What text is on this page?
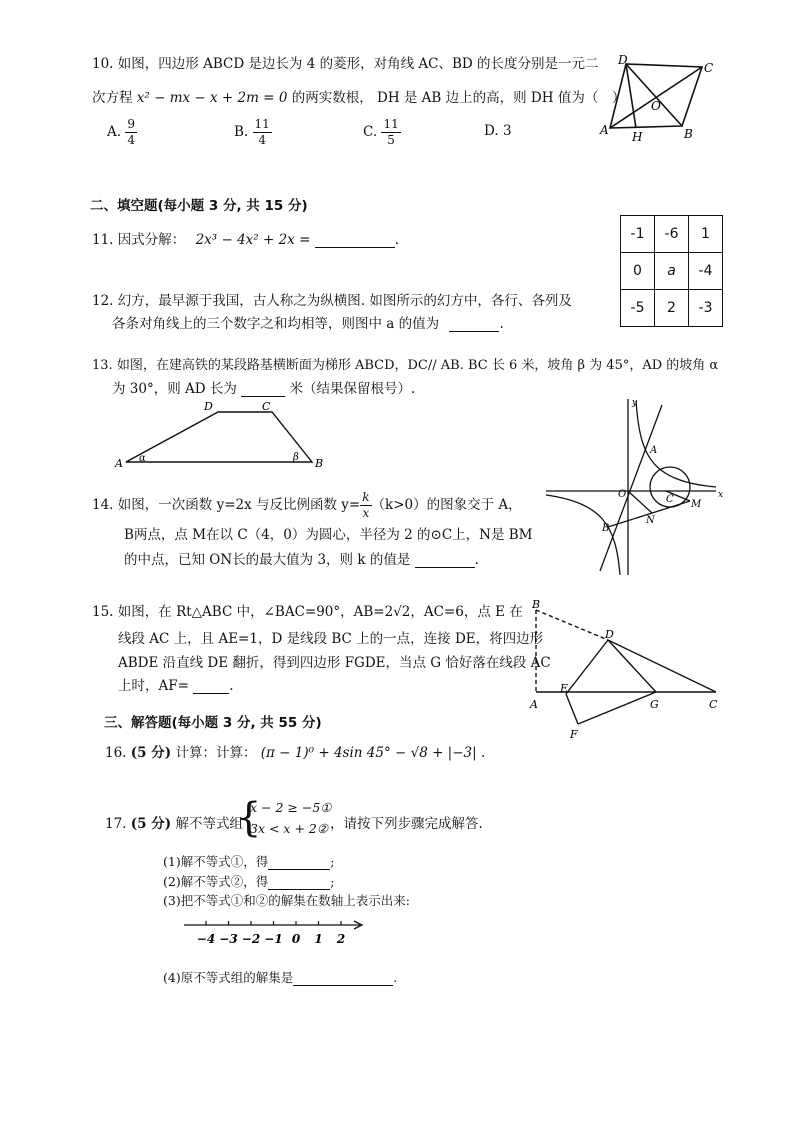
10. 如图，四边形 ABCD 是边长为 4 的菱形，对角线 AC、BD 的长度分别是一元二
次方程 x² − mx − x + 2m = 0 的两实数根， DH 是 AB 边上的高，则 DH 值为（　）
A. $\frac{9}{4}$	B. $\frac{11}{4}$	C. $\frac{11}{5}$	D. 3
D
C
A H	B
O
二、填空题(每小题 3 分, 共 15 分)
11. 因式分解： 2x³ − 4x² + 2x =	.	-1	-6	1
0	a	-4
-5	2	-3
12. 幻方，最早源于我国，古人称之为纵横图. 如图所示的幻方中，各行、各列及
各条对角线上的三个数字之和均相等，则图中 a 的值为	.
13. 如图，在建高铁的某段路基横断面为梯形 ABCD，DC// AB. BC 长 6 米，坡角 β 为 45°，AD 的坡角 α
为 30°，则 AD 长为	米（结果保留根号）.
D	C
A	B
α	β
14. 如图，一次函数 y=2x 与反比例函数 $y= \frac{k}{x} (k>0)$的图象交于 A，
B两点，点 M在以 C（4，0）为圆心，半径为 2 的⊙C上，N是 BM
的中点，已知 ON长的最大值为 3，则 k 的值是	.
y
x
A
B
O	C
N
M
15. 如图，在 Rt△ABC 中，∠BAC=90°，AB=2√2，AC=6，点 E 在
线段 AC 上，且 AE=1，D 是线段 BC 上的一点，连接 DE，将四边形
ABDE 沿直线 DE 翻折，得到四边形 FGDE，当点 G 恰好落在线段 AC
上时，AF=	.
B
D
E
A	G	C
F
三、解答题(每小题 3 分, 共 55 分)
16. (5 分) 计算：计算： (π − 1)⁰ + 4sin 45° − √8 + |−3| .
17. (5 分) 解不等式组
{
x − 2 ≥ −5①
3x < x + 2② ，请按下列步骤完成解答.
(1)解不等式①，得	;
(2)解不等式②，得	;
(3)把不等式①和②的解集在数轴上表示出来:
−4 −3 −2 −1 0 1 2
(4)原不等式组的解集是	.
